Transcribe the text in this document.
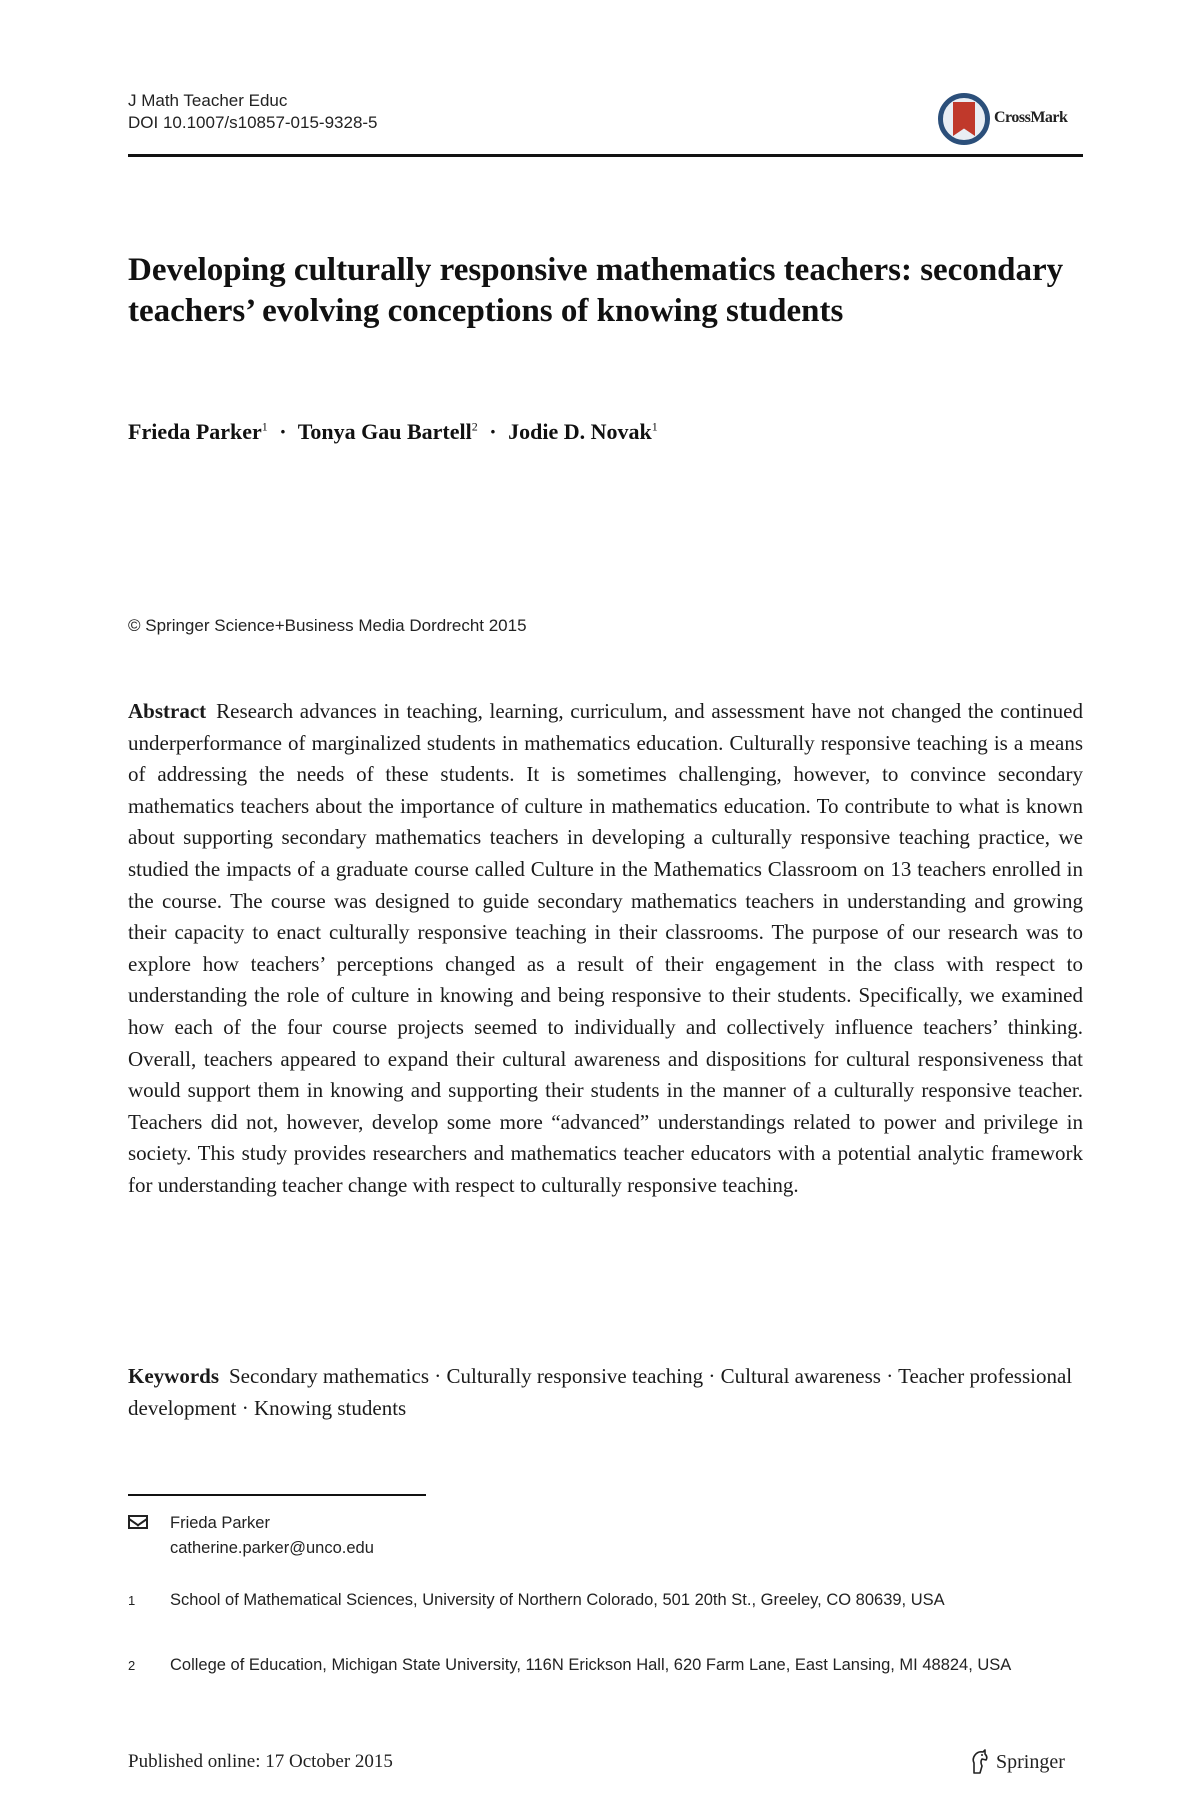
J Math Teacher Educ
DOI 10.1007/s10857-015-9328-5	CrossMark
Developing culturally responsive mathematics teachers: secondary teachers’ evolving conceptions of knowing students
Frieda Parker$^1$ · Tonya Gau Bartell$^2$ · Jodie D. Novak$^1$
© Springer Science+Business Media Dordrecht 2015

Abstract Research advances in teaching, learning, curriculum, and assessment have not changed the continued underperformance of marginalized students in mathematics education. Culturally responsive teaching is a means of addressing the needs of these students. It is sometimes challenging, however, to convince secondary mathematics teachers about the importance of culture in mathematics education. To contribute to what is known about supporting secondary mathematics teachers in developing a culturally responsive teaching practice, we studied the impacts of a graduate course called Culture in the Mathematics Classroom on 13 teachers enrolled in the course. The course was designed to guide secondary mathematics teachers in understanding and growing their capacity to enact culturally responsive teaching in their classrooms. The purpose of our research was to explore how teachers’ perceptions changed as a result of their engagement in the class with respect to understanding the role of culture in knowing and being responsive to their students. Specifically, we examined how each of the four course projects seemed to individually and collectively influence teachers’ thinking. Overall, teachers appeared to expand their cultural awareness and dispositions for cultural responsiveness that would support them in knowing and supporting their students in the manner of a culturally responsive teacher. Teachers did not, however, develop some more “advanced” understandings related to power and privilege in society. This study provides researchers and mathematics teacher educators with a potential analytic framework for understanding teacher change with respect to culturally responsive teaching.

Keywords Secondary mathematics · Culturally responsive teaching · Cultural awareness · Teacher professional development · Knowing students

Frieda Parker
catherine.parker@unco.edu
1	School of Mathematical Sciences, University of Northern Colorado, 501 20th St., Greeley, CO 80639, USA
2	College of Education, Michigan State University, 116N Erickson Hall, 620 Farm Lane, East Lansing, MI 48824, USA
Published online: 17 October 2015	Springer
